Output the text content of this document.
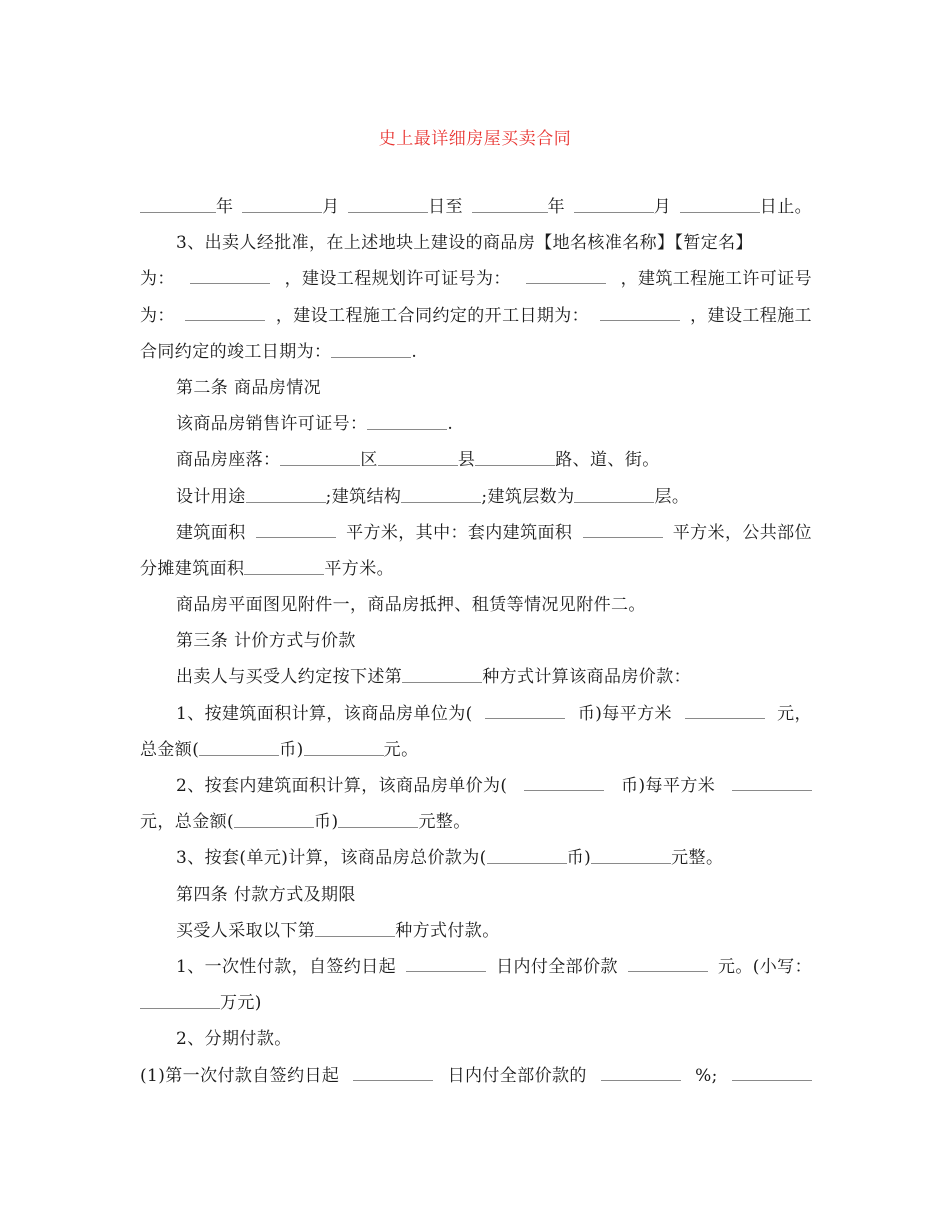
史上最详细房屋买卖合同
年	月	日至	年	月	日止。
3、出卖人经批准，在上述地块上建设的商品房【地名核准名称】【暂定名】
为：	，建设工程规划许可证号为：	，建筑工程施工许可证号
为：	，建设工程施工合同约定的开工日期为：	，建设工程施工
合同约定的竣工日期为：	.
第二条 商品房情况
该商品房销售许可证号：	.
商品房座落：	区	县	路、道、街。
设计用途	;建筑结构	;建筑层数为	层。
建筑面积	平方米，其中：套内建筑面积	平方米，公共部位
分摊建筑面积	平方米。
商品房平面图见附件一，商品房抵押、租赁等情况见附件二。
第三条 计价方式与价款
出卖人与买受人约定按下述第	种方式计算该商品房价款：
1、按建筑面积计算，该商品房单位为(	币)每平方米	元，
总金额(	币)	元。
2、按套内建筑面积计算，该商品房单价为(	币)每平方米
元，总金额(	币)	元整。
3、按套(单元)计算，该商品房总价款为(	币)	元整。
第四条 付款方式及期限
买受人采取以下第	种方式付款。
1、一次性付款，自签约日起	日内付全部价款	元。(小写：
万元)
2、分期付款。
(1)第一次付款自签约日起	日内付全部价款的	%;
